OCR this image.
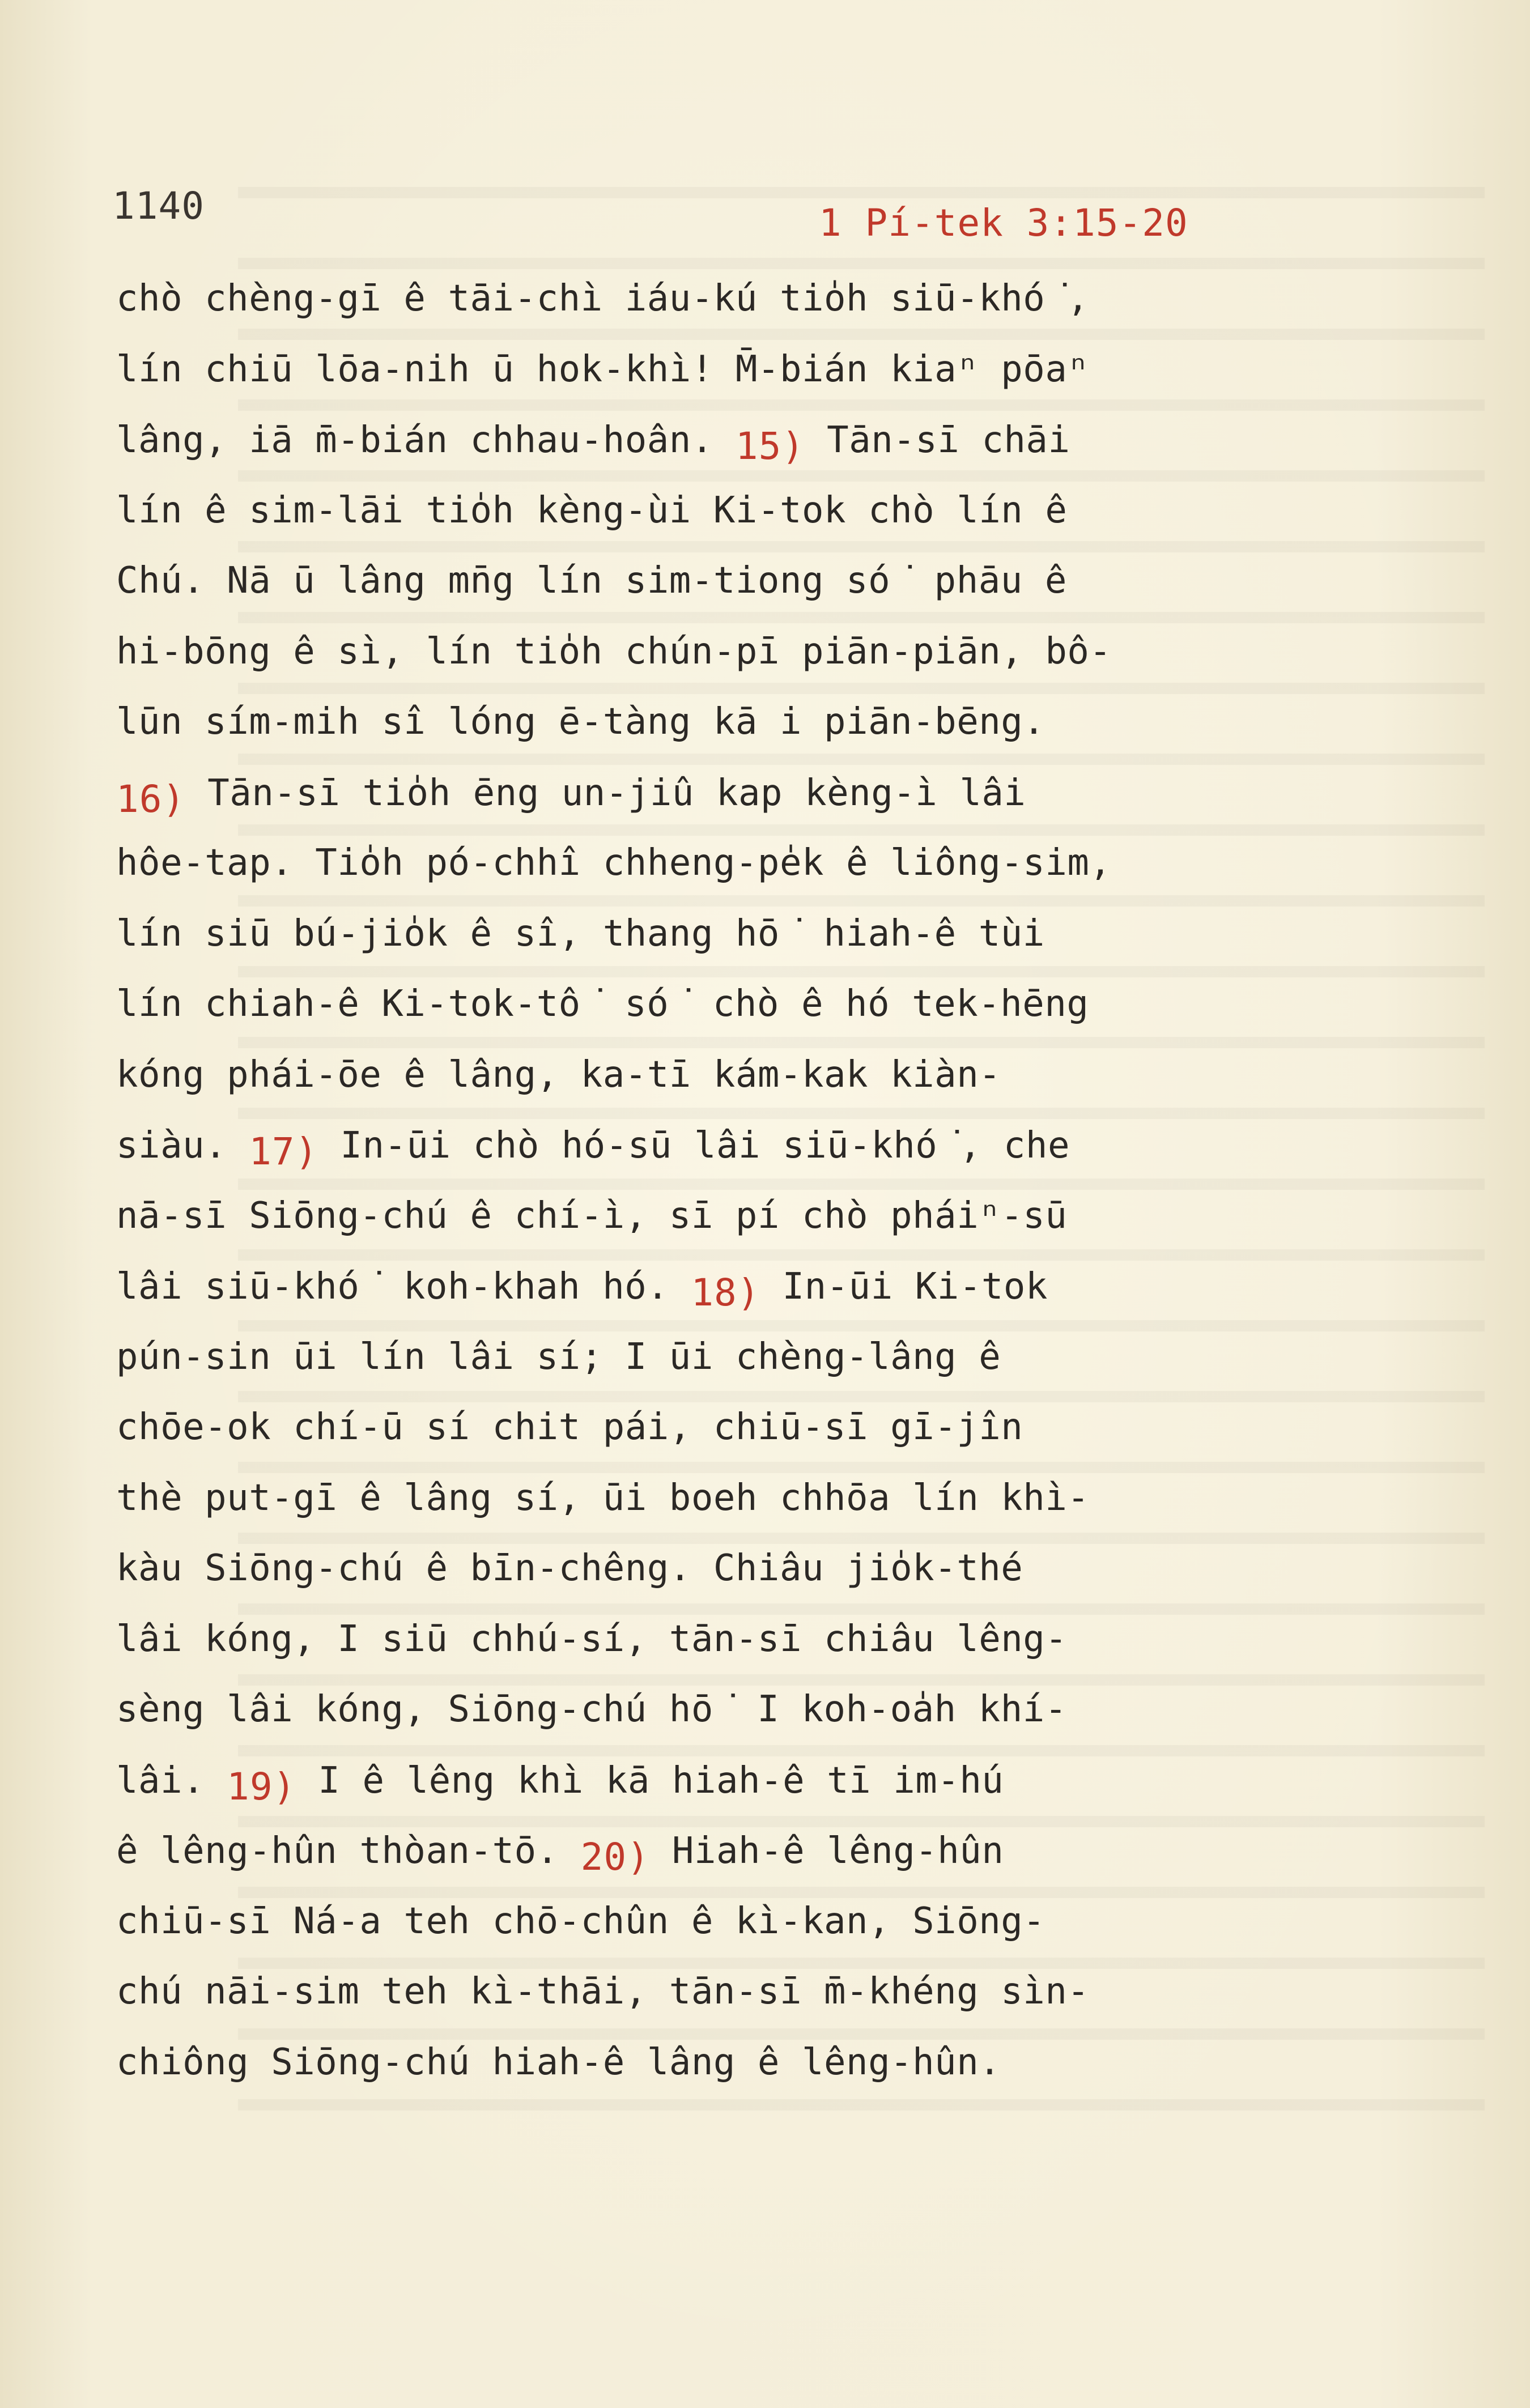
1140	1 Pí-tek 3:15-20
chò chèng-gī ê tāi-chì iáu-kú tio̍h siū-khó͘,
lín chiū lōa-nih ū hok-khì! M̄-bián kiaⁿ pōaⁿ
lâng, iā m̄-bián chhau-hoân. 15) Tān-sī chāi
lín ê sim-lāi tio̍h kèng-ùi Ki-tok chò lín ê
Chú. Nā ū lâng mn̄g lín sim-tiong só͘ phāu ê
hi-bōng ê sì, lín tio̍h chún-pī piān-piān, bô-
lūn sím-mih sî lóng ē-tàng kā i piān-bēng.
16) Tān-sī tio̍h ēng un-jiû kap kèng-ì lâi
hôe-tap. Tio̍h pó-chhî chheng-pe̍k ê liông-sim,
lín siū bú-jio̍k ê sî, thang hō͘ hiah-ê tùi
lín chiah-ê Ki-tok-tô͘ só͘ chò ê hó tek-hēng
kóng phái-ōe ê lâng, ka-tī kám-kak kiàn-
siàu. 17) In-ūi chò hó-sū lâi siū-khó͘, che
nā-sī Siōng-chú ê chí-ì, sī pí chò pháiⁿ-sū
lâi siū-khó͘ koh-khah hó. 18) In-ūi Ki-tok
pún-sin ūi lín lâi sí; I ūi chèng-lâng ê
chōe-ok chí-ū sí chit pái, chiū-sī gī-jîn
thè put-gī ê lâng sí, ūi boeh chhōa lín khì-
kàu Siōng-chú ê bīn-chêng. Chiâu jio̍k-thé
lâi kóng, I siū chhú-sí, tān-sī chiâu lêng-
sèng lâi kóng, Siōng-chú hō͘ I koh-oa̍h khí-
lâi. 19) I ê lêng khì kā hiah-ê tī im-hú
ê lêng-hûn thòan-tō. 20) Hiah-ê lêng-hûn
chiū-sī Ná-a teh chō-chûn ê kì-kan, Siōng-
chú nāi-sim teh kì-thāi, tān-sī m̄-khéng sìn-
chiông Siōng-chú hiah-ê lâng ê lêng-hûn.
